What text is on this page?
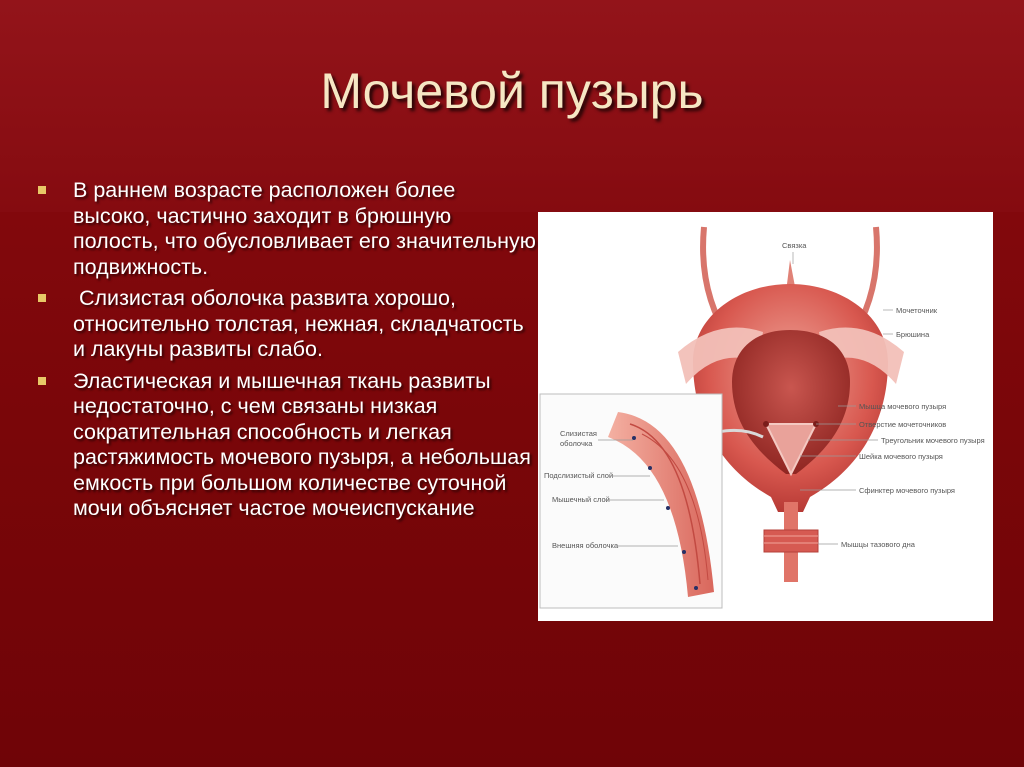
Мочевой пузырь
В раннем возрасте расположен более высоко, частично заходит в брюшную полость, что обусловливает его значительную подвижность.
Слизистая оболочка развита хорошо, относительно толстая, нежная, складчатость и лакуны развиты слабо.
Эластическая и мышечная ткань развиты недостаточно, с чем связаны низкая сократительная способность и легкая растяжимость мочевого пузыря, а небольшая емкость при большом количестве суточной мочи объясняет частое мочеиспускание
Связка
Мочеточник
Брюшина
Мышца мочевого пузыря
Отверстие мочеточников
Треугольник мочевого пузыря
Шейка мочевого пузыря
Сфинктер мочевого пузыря
Мышцы тазового дна
Слизистая
оболочка
Подслизистый слой
Мышечный слой
Внешняя оболочка
